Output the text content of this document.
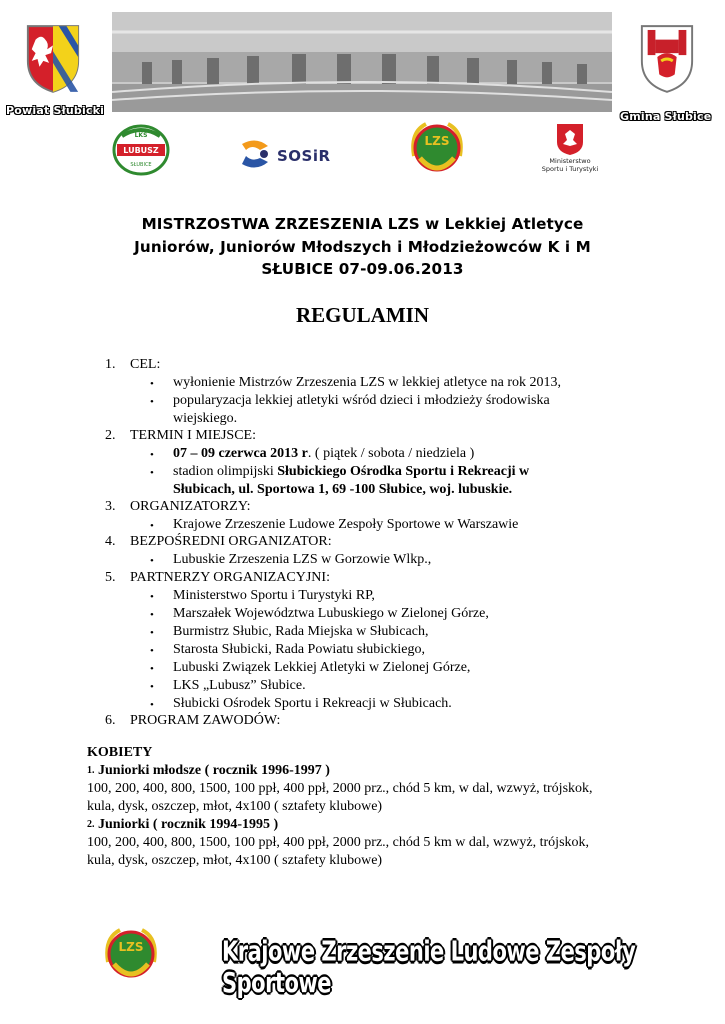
Powiat Słubicki	Gmina Słubice
LKS
LUBUSZ
SŁUBICE	SOSiR
LZS
Ministerstwo
Sportu i Turystyki
MISTRZOSTWA ZRZESZENIA LZS w Lekkiej Atletyce
Juniorów, Juniorów Młodszych i Młodzieżowców K i M
SŁUBICE 07-09.06.2013
REGULAMIN
1. CEL:
• wyłonienie Mistrzów Zrzeszenia LZS w lekkiej atletyce na rok 2013,
• popularyzacja lekkiej atletyki wśród dzieci i młodzieży środowiska
wiejskiego.
2. TERMIN I MIEJSCE:
• 07 – 09 czerwca 2013 r. ( piątek / sobota / niedziela )
• stadion olimpijski Słubickiego Ośrodka Sportu i Rekreacji w
Słubicach, ul. Sportowa 1, 69 -100 Słubice, woj. lubuskie.
3. ORGANIZATORZY:
• Krajowe Zrzeszenie Ludowe Zespoły Sportowe w Warszawie
4. BEZPOŚREDNI ORGANIZATOR:
• Lubuskie Zrzeszenia LZS w Gorzowie Wlkp.,
5. PARTNERZY ORGANIZACYJNI:
• Ministerstwo Sportu i Turystyki RP,
• Marszałek Województwa Lubuskiego w Zielonej Górze,
• Burmistrz Słubic, Rada Miejska w Słubicach,
• Starosta Słubicki, Rada Powiatu słubickiego,
• Lubuski Związek Lekkiej Atletyki w Zielonej Górze,
• LKS „Lubusz” Słubice.
• Słubicki Ośrodek Sportu i Rekreacji w Słubicach.
6. PROGRAM ZAWODÓW:
KOBIETY
1. Juniorki młodsze ( rocznik 1996-1997 )
100, 200, 400, 800, 1500, 100 ppł, 400 ppł, 2000 prz., chód 5 km, w dal, wzwyż, trójskok,
kula, dysk, oszczep, młot, 4x100 ( sztafety klubowe)
2. Juniorki ( rocznik 1994-1995 )
100, 200, 400, 800, 1500, 100 ppł, 400 ppł, 2000 prz., chód 5 km w dal, wzwyż, trójskok,
kula, dysk, oszczep, młot, 4x100 ( sztafety klubowe)
LZS	Krajowe Zrzeszenie Ludowe Zespoły Sportowe
